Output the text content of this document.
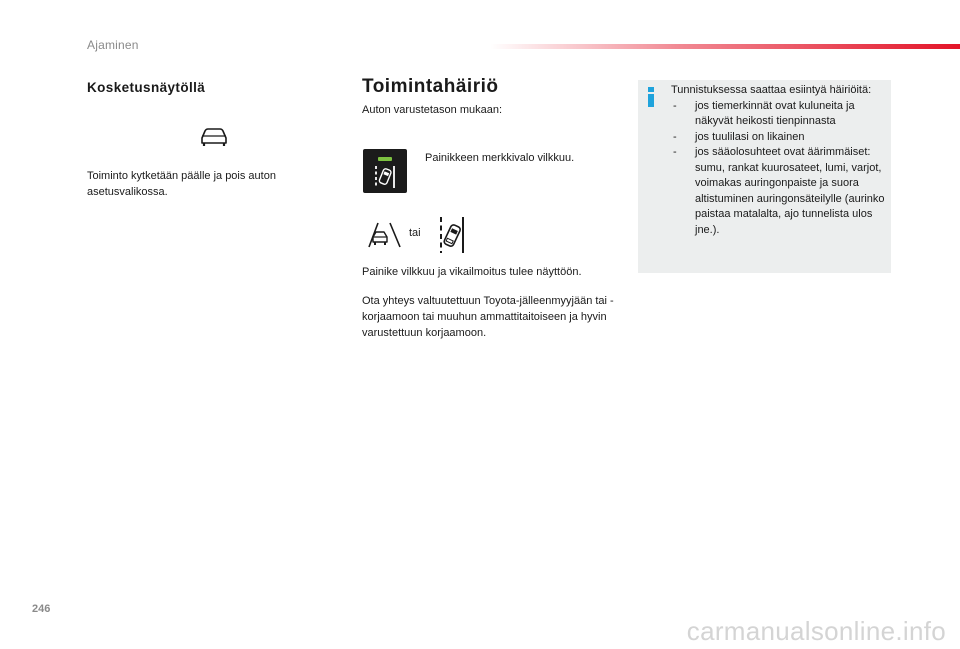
Ajaminen
Kosketusnäytöllä

Toiminto kytketään päälle ja pois auton asetusvalikossa.

Toimintahäiriö

Auton varustetason mukaan:

Painikkeen merkkivalo vilkkuu.

tai

Painike vilkkuu ja vikailmoitus tulee näyttöön.

Ota yhteys valtuutettuun Toyota-jälleenmyyjään tai -korjaamoon tai muuhun ammattitaitoiseen ja hyvin varustettuun korjaamoon.

Tunnistuksessa saattaa esiintyä häiriöitä:

- jos tiemerkinnät ovat kuluneita ja näkyvät heikosti tienpinnasta
- jos tuulilasi on likainen
- jos sääolosuhteet ovat äärimmäiset: sumu, rankat kuurosateet, lumi, varjot, voimakas auringonpaiste ja suora altistuminen auringonsäteilylle (aurinko paistaa matalalta, ajo tunnelista ulos jne.).

246

carmanualsonline.info
